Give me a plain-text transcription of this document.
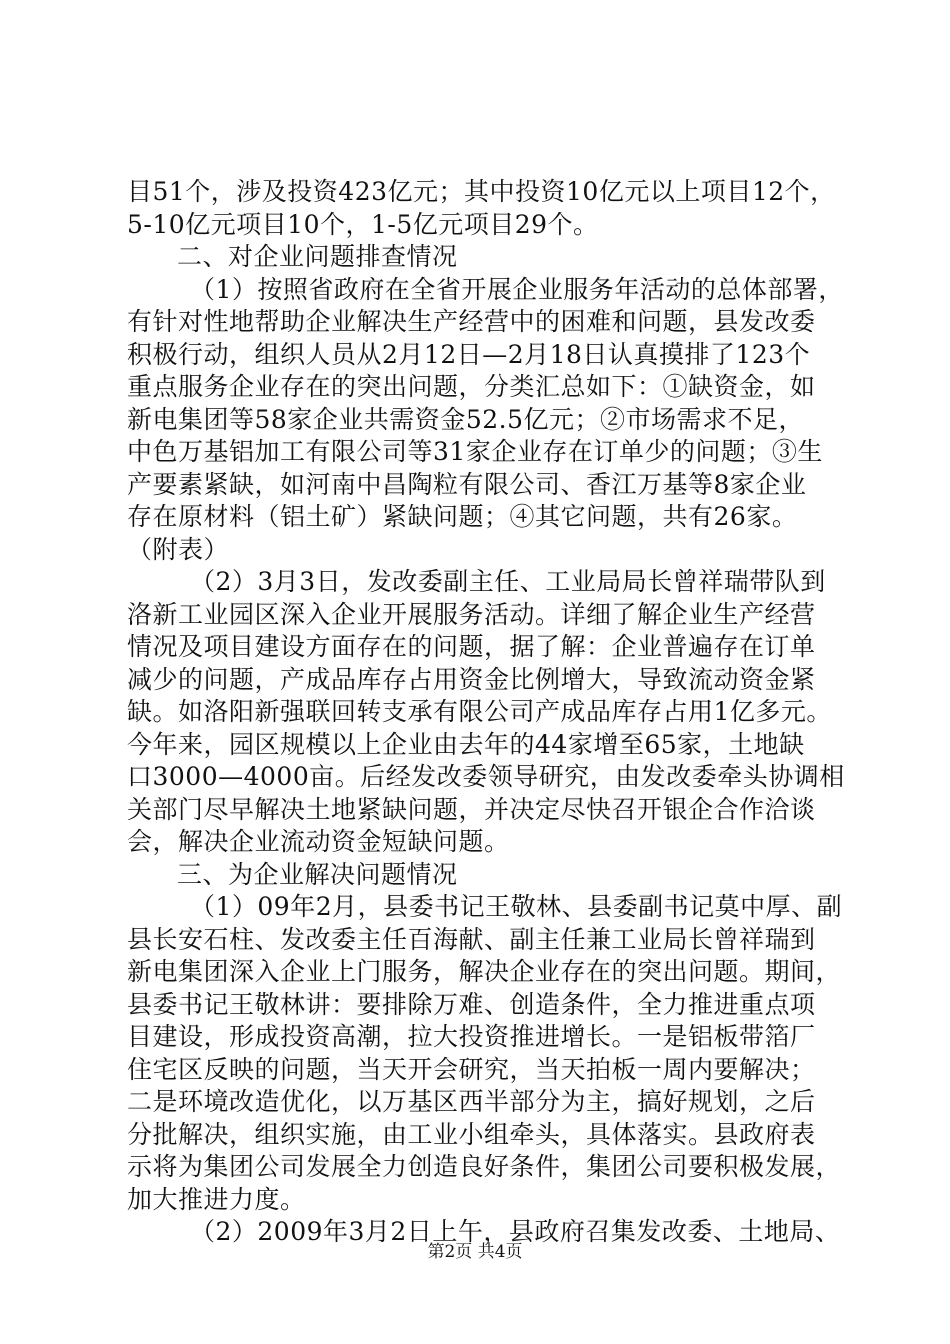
目51个，涉及投资423亿元；其中投资10亿元以上项目12个，
5-10亿元项目10个，1-5亿元项目29个。
二、对企业问题排查情况
（1）按照省政府在全省开展企业服务年活动的总体部署，
有针对性地帮助企业解决生产经营中的困难和问题，县发改委
积极行动，组织人员从2月12日—2月18日认真摸排了123个
重点服务企业存在的突出问题，分类汇总如下：①缺资金，如
新电集团等58家企业共需资金52.5亿元；②市场需求不足，
中色万基铝加工有限公司等31家企业存在订单少的问题；③生
产要素紧缺，如河南中昌陶粒有限公司、香江万基等8家企业
存在原材料（铝土矿）紧缺问题；④其它问题，共有26家。
（附表）
（2）3月3日，发改委副主任、工业局局长曾祥瑞带队到
洛新工业园区深入企业开展服务活动。详细了解企业生产经营
情况及项目建设方面存在的问题，据了解：企业普遍存在订单
减少的问题，产成品库存占用资金比例增大，导致流动资金紧
缺。如洛阳新强联回转支承有限公司产成品库存占用1亿多元。
今年来，园区规模以上企业由去年的44家增至65家，土地缺
口3000—4000亩。后经发改委领导研究，由发改委牵头协调相
关部门尽早解决土地紧缺问题，并决定尽快召开银企合作洽谈
会，解决企业流动资金短缺问题。
三、为企业解决问题情况
（1）09年2月，县委书记王敬林、县委副书记莫中厚、副
县长安石柱、发改委主任百海献、副主任兼工业局长曾祥瑞到
新电集团深入企业上门服务，解决企业存在的突出问题。期间，
县委书记王敬林讲：要排除万难、创造条件，全力推进重点项
目建设，形成投资高潮，拉大投资推进增长。一是铝板带箔厂
住宅区反映的问题，当天开会研究，当天拍板一周内要解决；
二是环境改造优化，以万基区西半部分为主，搞好规划，之后
分批解决，组织实施，由工业小组牵头，具体落实。县政府表
示将为集团公司发展全力创造良好条件，集团公司要积极发展，
加大推进力度。
（2）2009年3月2日上午，县政府召集发改委、土地局、
第2页 共4页
